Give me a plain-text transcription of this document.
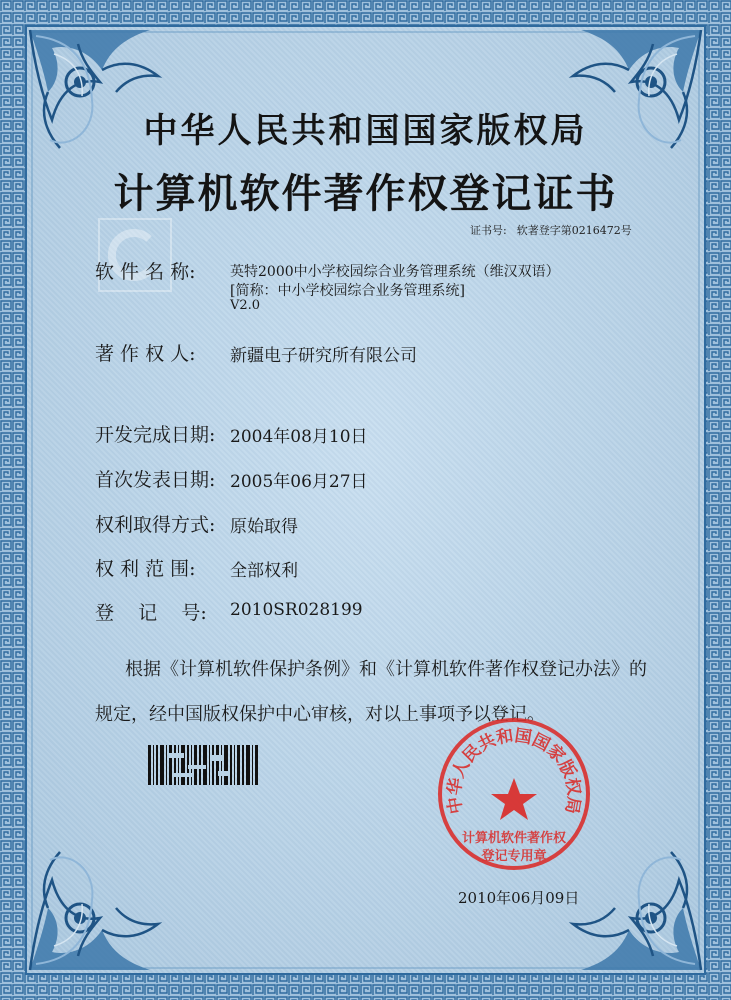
中华人民共和国国家版权局
计算机软件著作权登记证书
证书号: 软著登字第0216472号
软 件 名 称: 英特2000中小学校园综合业务管理系统（维汉双语）
[简称：中小学校园综合业务管理系统]
V2.0
著 作 权 人: 新疆电子研究所有限公司
开发完成日期: 2004年08月10日
首次发表日期: 2005年06月27日
权利取得方式: 原始取得
权 利 范 围: 全部权利
登    记    号: 2010SR028199
根据《计算机软件保护条例》和《计算机软件著作权登记办法》的
规定，经中国版权保护中心审核，对以上事项予以登记。
2010年06月09日
中华人民共和国国家版权局
计算机软件著作权
登记专用章
